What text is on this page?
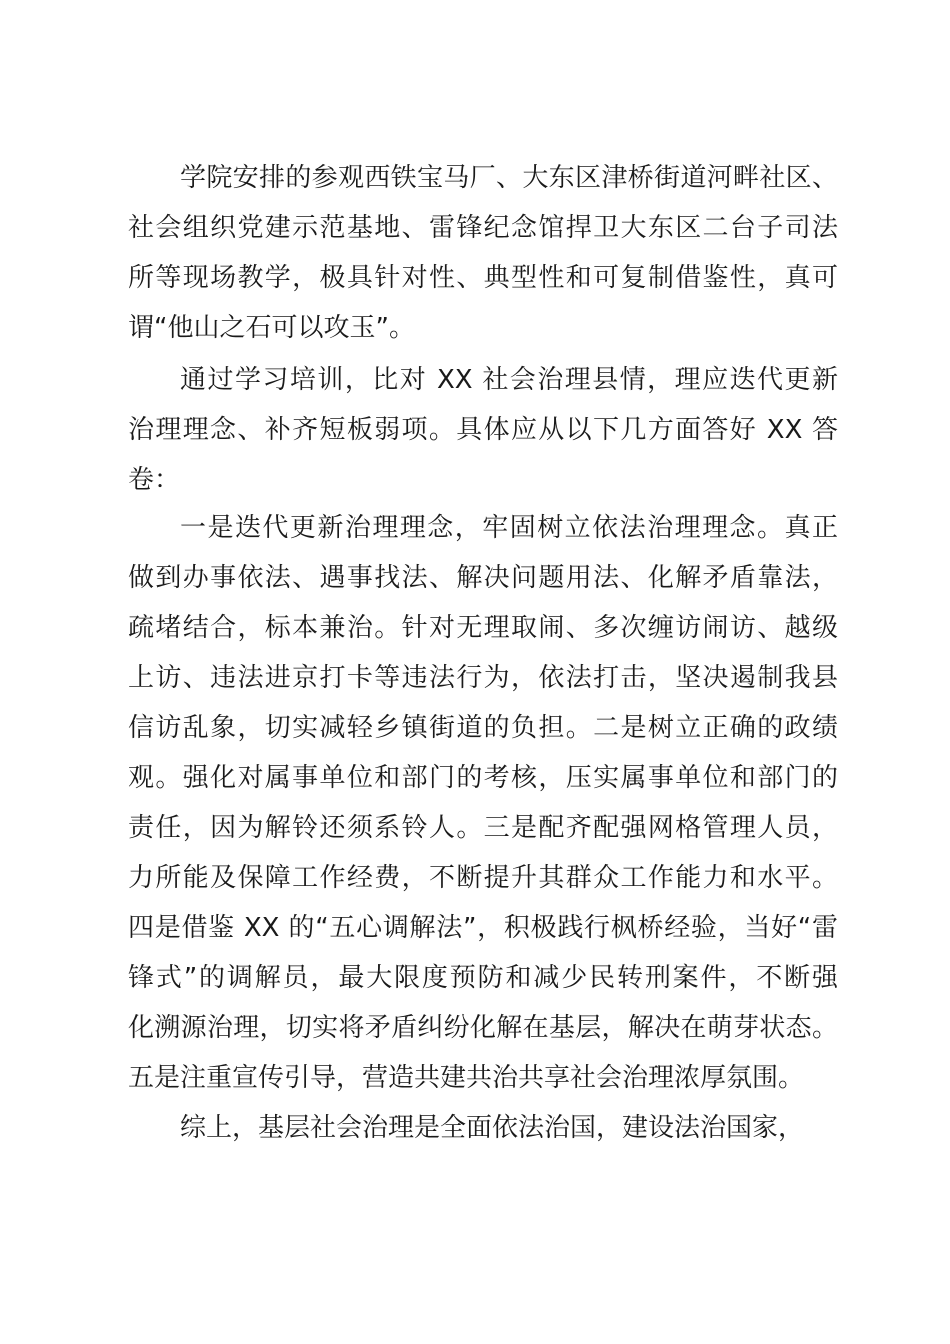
学院安排的参观西铁宝马厂、大东区津桥街道河畔社区、
社会组织党建示范基地、雷锋纪念馆捍卫大东区二台子司法
所等现场教学，极具针对性、典型性和可复制借鉴性，真可
谓“他山之石可以攻玉”。
通过学习培训，比对 XX 社会治理县情，理应迭代更新
治理理念、补齐短板弱项。具体应从以下几方面答好 XX 答
卷：
一是迭代更新治理理念，牢固树立依法治理理念。真正
做到办事依法、遇事找法、解决问题用法、化解矛盾靠法，
疏堵结合，标本兼治。针对无理取闹、多次缠访闹访、越级
上访、违法进京打卡等违法行为，依法打击，坚决遏制我县
信访乱象，切实减轻乡镇街道的负担。二是树立正确的政绩
观。强化对属事单位和部门的考核，压实属事单位和部门的
责任，因为解铃还须系铃人。三是配齐配强网格管理人员，
力所能及保障工作经费，不断提升其群众工作能力和水平。
四是借鉴 XX 的“五心调解法”，积极践行枫桥经验，当好“雷
锋式”的调解员，最大限度预防和减少民转刑案件，不断强
化溯源治理，切实将矛盾纠纷化解在基层，解决在萌芽状态。
五是注重宣传引导，营造共建共治共享社会治理浓厚氛围。
综上，基层社会治理是全面依法治国，建设法治国家，
